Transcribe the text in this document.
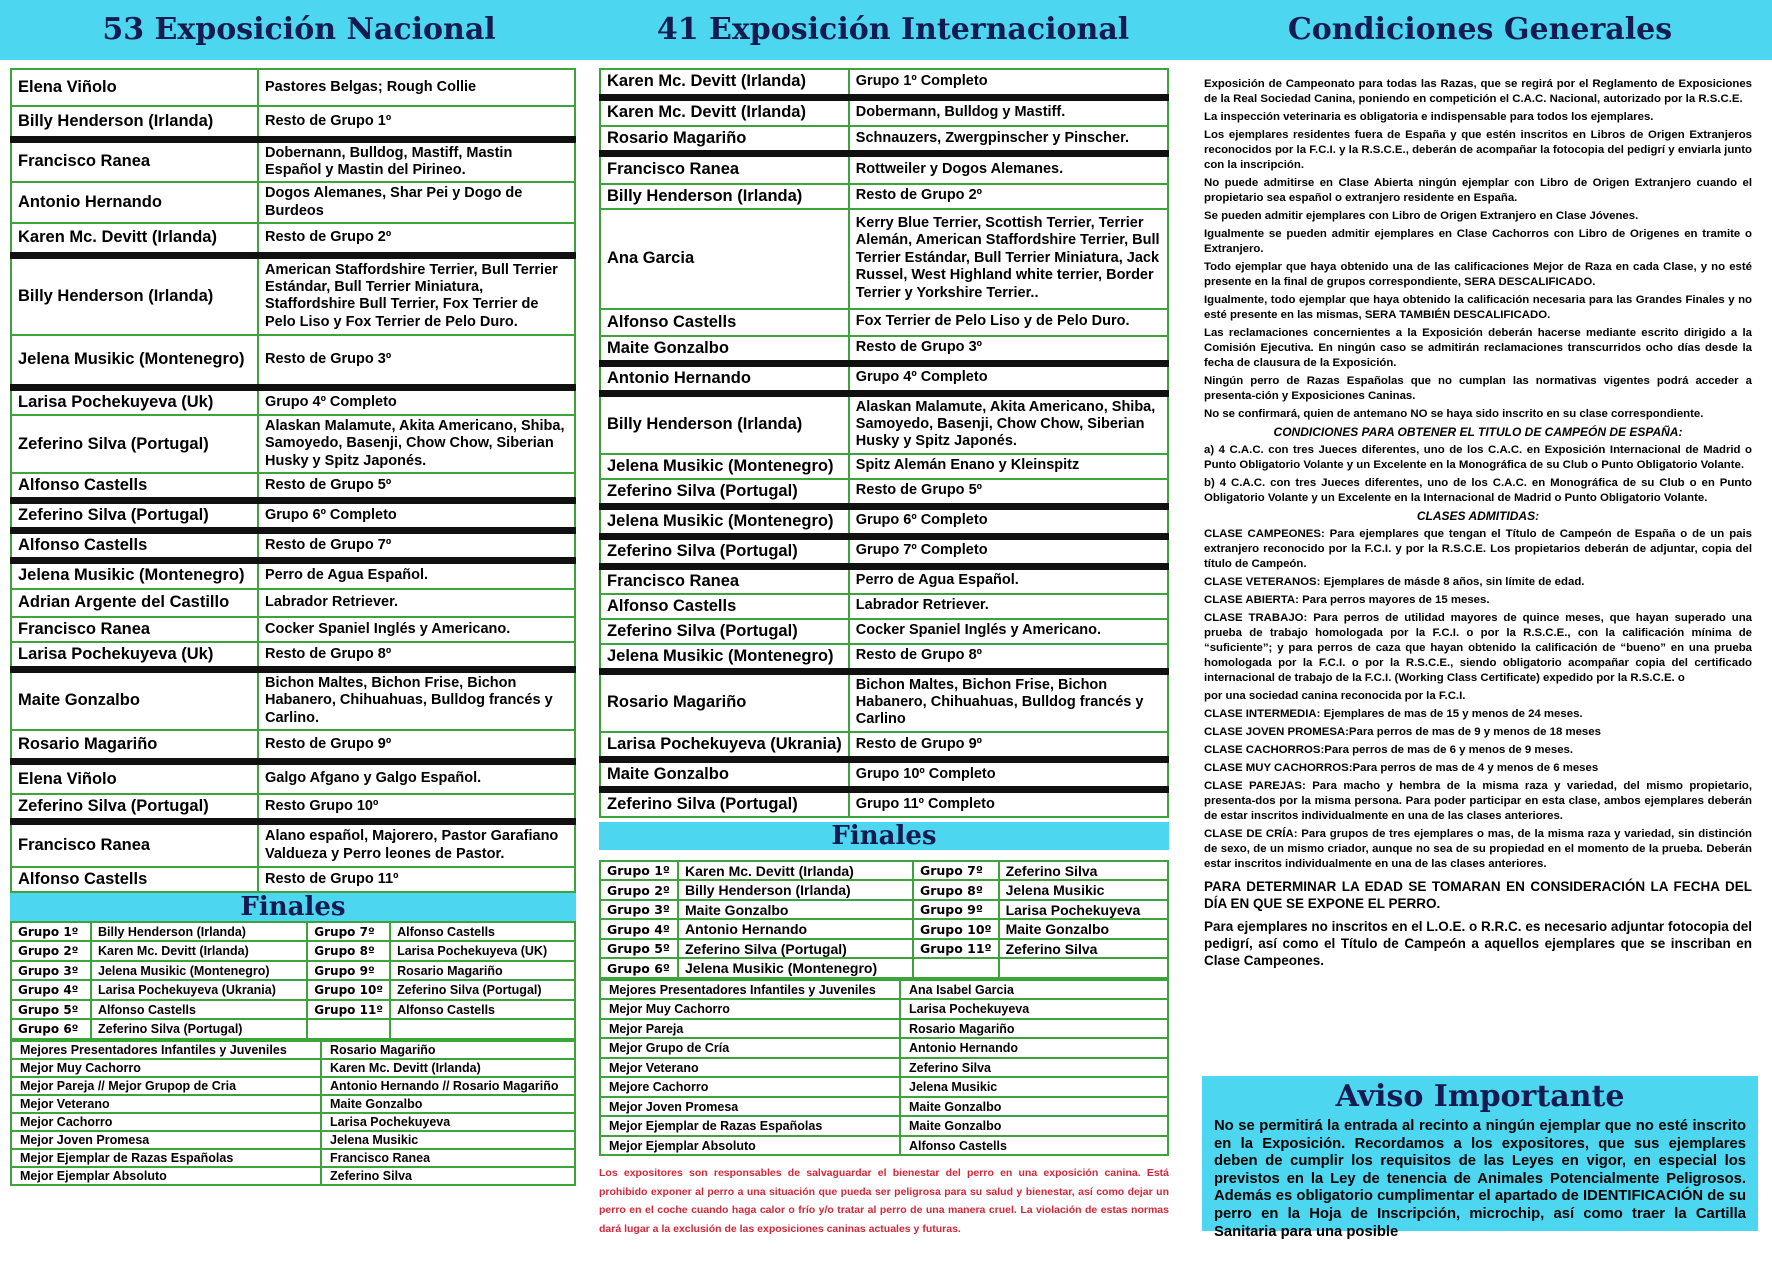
53 Exposición Nacional	41 Exposición Internacional	Condiciones Generales
Elena Viñolo	Pastores Belgas; Rough Collie
Billy Henderson (Irlanda)	Resto de Grupo 1º
Francisco Ranea	Dobernann, Bulldog, Mastiff, Mastin Español y Mastin del Pirineo.
Antonio Hernando	Dogos Alemanes, Shar Pei y Dogo de Burdeos
Karen Mc. Devitt (Irlanda)	Resto de Grupo 2º
Billy Henderson (Irlanda)	American Staffordshire Terrier, Bull Terrier Estándar, Bull Terrier Miniatura, Staffordshire Bull Terrier, Fox Terrier de Pelo Liso y Fox Terrier de Pelo Duro.
Jelena Musikic (Montenegro)	Resto de Grupo 3º
Larisa Pochekuyeva (Uk)	Grupo 4º Completo
Zeferino Silva (Portugal)	Alaskan Malamute, Akita Americano, Shiba, Samoyedo, Basenji, Chow Chow, Siberian Husky y Spitz Japonés.
Alfonso Castells	Resto de Grupo 5º
Zeferino Silva (Portugal)	Grupo 6º Completo
Alfonso Castells	Resto de Grupo 7º
Jelena Musikic (Montenegro)	Perro de Agua Español.
Adrian Argente del Castillo	Labrador Retriever.
Francisco Ranea	Cocker Spaniel Inglés y Americano.
Larisa Pochekuyeva (Uk)	Resto de Grupo 8º
Maite Gonzalbo	Bichon Maltes, Bichon Frise, Bichon Habanero, Chihuahuas, Bulldog francés y Carlino.
Rosario Magariño	Resto de Grupo 9º
Elena Viñolo	Galgo Afgano y Galgo Español.
Zeferino Silva (Portugal)	Resto Grupo 10º
Francisco Ranea	Alano español, Majorero, Pastor Garafiano Valdueza y Perro leones de Pastor.
Alfonso Castells	Resto de Grupo 11º
Finales
Grupo 1º	Billy Henderson (Irlanda)	Grupo 7º	Alfonso Castells
Grupo 2º	Karen Mc. Devitt (Irlanda)	Grupo 8º	Larisa Pochekuyeva (UK)
Grupo 3º	Jelena Musikic (Montenegro)	Grupo 9º	Rosario Magariño
Grupo 4º	Larisa Pochekuyeva (Ukrania)	Grupo 10º	Zeferino Silva (Portugal)
Grupo 5º	Alfonso Castells	Grupo 11º	Alfonso Castells
Grupo 6º	Zeferino Silva (Portugal)		
Mejores Presentadores Infantiles y Juveniles	Rosario Magariño
Mejor Muy Cachorro	Karen Mc. Devitt (Irlanda)
Mejor Pareja // Mejor Grupop de Cria	Antonio Hernando // Rosario Magariño
Mejor Veterano	Maite Gonzalbo
Mejor Cachorro	Larisa Pochekuyeva
Mejor Joven Promesa	Jelena Musikic
Mejor Ejemplar de Razas Españolas	Francisco Ranea
Mejor Ejemplar Absoluto	Zeferino Silva
Karen Mc. Devitt (Irlanda)	Grupo 1º Completo
Karen Mc. Devitt (Irlanda)	Dobermann, Bulldog y Mastiff.
Rosario Magariño	Schnauzers, Zwergpinscher y Pinscher.
Francisco Ranea	Rottweiler y Dogos Alemanes.
Billy Henderson (Irlanda)	Resto de Grupo 2º
Ana Garcia	Kerry Blue Terrier, Scottish Terrier, Terrier Alemán, American Staffordshire Terrier, Bull Terrier Estándar, Bull Terrier Miniatura, Jack Russel, West Highland white terrier, Border Terrier y Yorkshire Terrier..
Alfonso Castells	Fox Terrier de Pelo Liso y de Pelo Duro.
Maite Gonzalbo	Resto de Grupo 3º
Antonio Hernando	Grupo 4º Completo
Billy Henderson (Irlanda)	Alaskan Malamute, Akita Americano, Shiba, Samoyedo, Basenji, Chow Chow, Siberian Husky y Spitz Japonés.
Jelena Musikic (Montenegro)	Spitz Alemán Enano y Kleinspitz
Zeferino Silva (Portugal)	Resto de Grupo 5º
Jelena Musikic (Montenegro)	Grupo 6º Completo
Zeferino Silva (Portugal)	Grupo 7º Completo
Francisco Ranea	Perro de Agua Español.
Alfonso Castells	Labrador Retriever.
Zeferino Silva (Portugal)	Cocker Spaniel Inglés y Americano.
Jelena Musikic (Montenegro)	Resto de Grupo 8º
Rosario Magariño	Bichon Maltes, Bichon Frise, Bichon Habanero, Chihuahuas, Bulldog francés y Carlino
Larisa Pochekuyeva (Ukrania)	Resto de Grupo 9º
Maite Gonzalbo	Grupo 10º Completo
Zeferino Silva (Portugal)	Grupo 11º Completo
Finales
Grupo 1º	Karen Mc. Devitt (Irlanda)	Grupo 7º	Zeferino Silva
Grupo 2º	Billy Henderson (Irlanda)	Grupo 8º	Jelena Musikic
Grupo 3º	Maite Gonzalbo	Grupo 9º	Larisa Pochekuyeva
Grupo 4º	Antonio Hernando	Grupo 10º	Maite Gonzalbo
Grupo 5º	Zeferino Silva (Portugal)	Grupo 11º	Zeferino Silva
Grupo 6º	Jelena Musikic (Montenegro)		
Mejores Presentadores Infantiles y Juveniles	Ana Isabel Garcia
Mejor Muy Cachorro	Larisa Pochekuyeva
Mejor Pareja	Rosario Magariño
Mejor Grupo de Cría	Antonio Hernando
Mejor Veterano	Zeferino Silva
Mejore Cachorro	Jelena Musikic
Mejor Joven Promesa	Maite Gonzalbo
Mejor Ejemplar de Razas Españolas	Maite Gonzalbo
Mejor Ejemplar Absoluto	Alfonso Castells

Los expositores son responsables de salvaguardar el bienestar del perro en una exposición canina. Está prohibido exponer al perro a una situación que pueda ser peligrosa para su salud y bienestar, así como dejar un perro en el coche cuando haga calor o frío y/o tratar al perro de una manera cruel. La violación de estas normas dará lugar a la exclusión de las exposiciones caninas actuales y futuras.

Exposición de Campeonato para todas las Razas, que se regirá por el Reglamento de Exposiciones de la Real Sociedad Canina, poniendo en competición el C.A.C. Nacional, autorizado por la R.S.C.E.

La inspección veterinaria es obligatoria e indispensable para todos los ejemplares.

Los ejemplares residentes fuera de España y que estén inscritos en Libros de Origen Extranjeros reconocidos por la F.C.I. y la R.S.C.E., deberán de acompañar la fotocopia del pedigrí y enviarla junto con la inscripción.

No puede admitirse en Clase Abierta ningún ejemplar con Libro de Origen Extranjero cuando el propietario sea español o extranjero residente en España.

Se pueden admitir ejemplares con Libro de Origen Extranjero en Clase Jóvenes.

Igualmente se pueden admitir ejemplares en Clase Cachorros con Libro de Origenes en tramite o Extranjero.

Todo ejemplar que haya obtenido una de las calificaciones Mejor de Raza en cada Clase, y no esté presente en la final de grupos correspondiente, SERA DESCALIFICADO.

Igualmente, todo ejemplar que haya obtenido la calificación necesaria para las Grandes Finales y no esté presente en las mismas, SERA TAMBIÉN DESCALIFICADO.

Las reclamaciones concernientes a la Exposición deberán hacerse mediante escrito dirigido a la Comisión Ejecutiva. En ningún caso se admitirán reclamaciones transcurridos ocho días desde la fecha de clausura de la Exposición.

Ningún perro de Razas Españolas que no cumplan las normativas vigentes podrá acceder a presenta-ción y Exposiciones Caninas.

No se confirmará, quien de antemano NO se haya sido inscrito en su clase correspondiente.

CONDICIONES PARA OBTENER EL TITULO DE CAMPEÓN DE ESPAÑA:

a) 4 C.A.C. con tres Jueces diferentes, uno de los C.A.C. en Exposición Internacional de Madrid o Punto Obligatorio Volante y un Excelente en la Monográfica de su Club o Punto Obligatorio Volante.

b) 4 C.A.C. con tres Jueces diferentes, uno de los C.A.C. en Monográfica de su Club o en Punto Obligatorio Volante y un Excelente en la Internacional de Madrid o Punto Obligatorio Volante.

CLASES ADMITIDAS:

CLASE CAMPEONES: Para ejemplares que tengan el Título de Campeón de España o de un pais extranjero reconocido por la F.C.I. y por la R.S.C.E. Los propietarios deberán de adjuntar, copia del título de Campeón.

CLASE VETERANOS: Ejemplares de másde 8 años, sin límite de edad.

CLASE ABIERTA: Para perros mayores de 15 meses.

CLASE TRABAJO: Para perros de utilidad mayores de quince meses, que hayan superado una prueba de trabajo homologada por la F.C.I. o por la R.S.C.E., con la calificación mínima de “suficiente”; y para perros de caza que hayan obtenido la calificación de “bueno” en una prueba homologada por la F.C.I. o por la R.S.C.E., siendo obligatorio acompañar copia del certificado internacional de trabajo de la F.C.I. (Working Class Certificate) expedido por la R.S.C.E. o

por una sociedad canina reconocida por la F.C.I.

CLASE INTERMEDIA: Ejemplares de mas de 15 y menos de 24 meses.

CLASE JOVEN PROMESA:Para perros de mas de 9 y menos de 18 meses

CLASE CACHORROS:Para perros de mas de 6 y menos de 9 meses.

CLASE MUY CACHORROS:Para perros de mas de 4 y menos de 6 meses

CLASE PAREJAS: Para macho y hembra de la misma raza y variedad, del mismo propietario, presenta-dos por la misma persona. Para poder participar en esta clase, ambos ejemplares deberán de estar inscritos individualmente en una de las clases anteriores.

CLASE DE CRÍA: Para grupos de tres ejemplares o mas, de la misma raza y variedad, sin distinción de sexo, de un mismo criador, aunque no sea de su propiedad en el momento de la prueba. Deberán estar inscritos individualmente en una de las clases anteriores.

PARA DETERMINAR LA EDAD SE TOMARAN EN CONSIDERACIÓN LA FECHA DEL DÍA EN QUE SE EXPONE EL PERRO.

Para ejemplares no inscritos en el L.O.E. o R.R.C. es necesario adjuntar fotocopia del pedigrí, así como el Título de Campeón a aquellos ejemplares que se inscriban en Clase Campeones.

Aviso Importante

No se permitirá la entrada al recinto a ningún ejemplar que no esté inscrito en la Exposición. Recordamos a los expositores, que sus ejemplares deben de cumplir los requisitos de las Leyes en vigor, en especial los previstos en la Ley de tenencia de Animales Potencialmente Peligrosos. Además es obligatorio cumplimentar el apartado de IDENTIFICACIÓN de su perro en la Hoja de Inscripción, microchip, así como traer la Cartilla Sanitaria para una posible
